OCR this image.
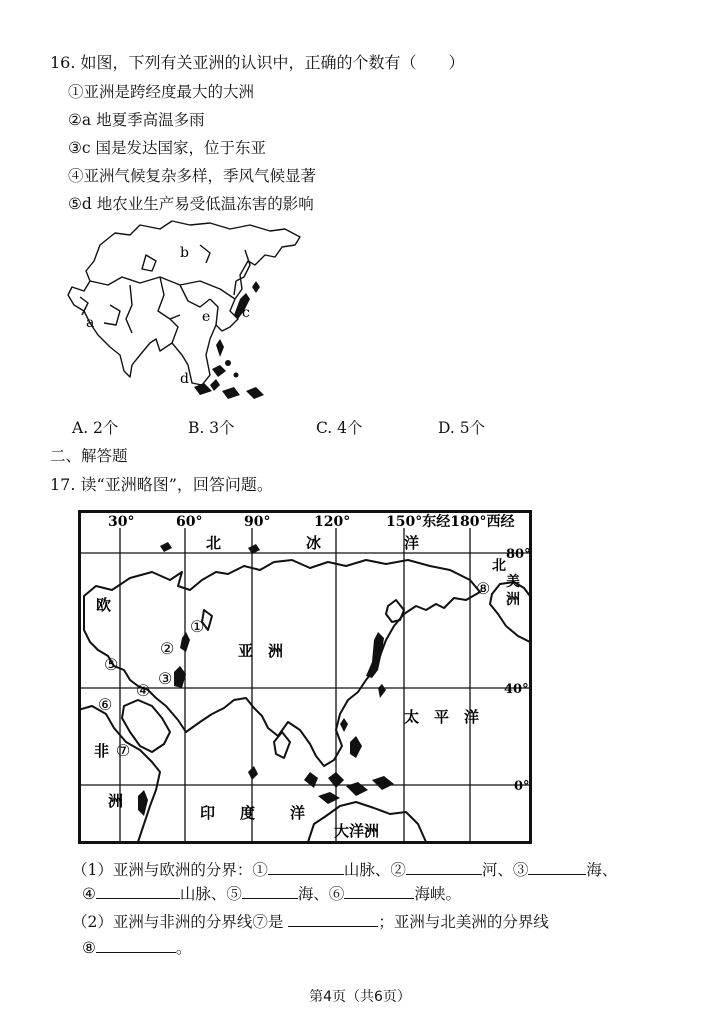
16. 如图，下列有关亚洲的认识中，正确的个数有（　　）
①亚洲是跨经度最大的大洲
②a 地夏季高温多雨
③c 国是发达国家，位于东亚
④亚洲气候复杂多样，季风气候显著
⑤d 地农业生产易受低温冻害的影响
b
a
c
e
d
A. 2个	B. 3个	C. 4个	D. 5个
二、解答题
17. 读“亚洲略图”，回答问题。
30°	60°	90°	120°	150°东经180°西经
80°
40°
0°
北	冰	洋
亚　洲
欧
非
洲
太　平　洋
印 度 洋
大洋洲
北
美
洲
①
②
③
④
⑤
⑥
⑦
⑧
（1）亚洲与欧洲的分界：①	山脉、②	河、③	海、
④	山脉、⑤	海、⑥	海峡。
（2）亚洲与非洲的分界线⑦是	；亚洲与北美洲的分界线
⑧	。
第4页（共6页）
